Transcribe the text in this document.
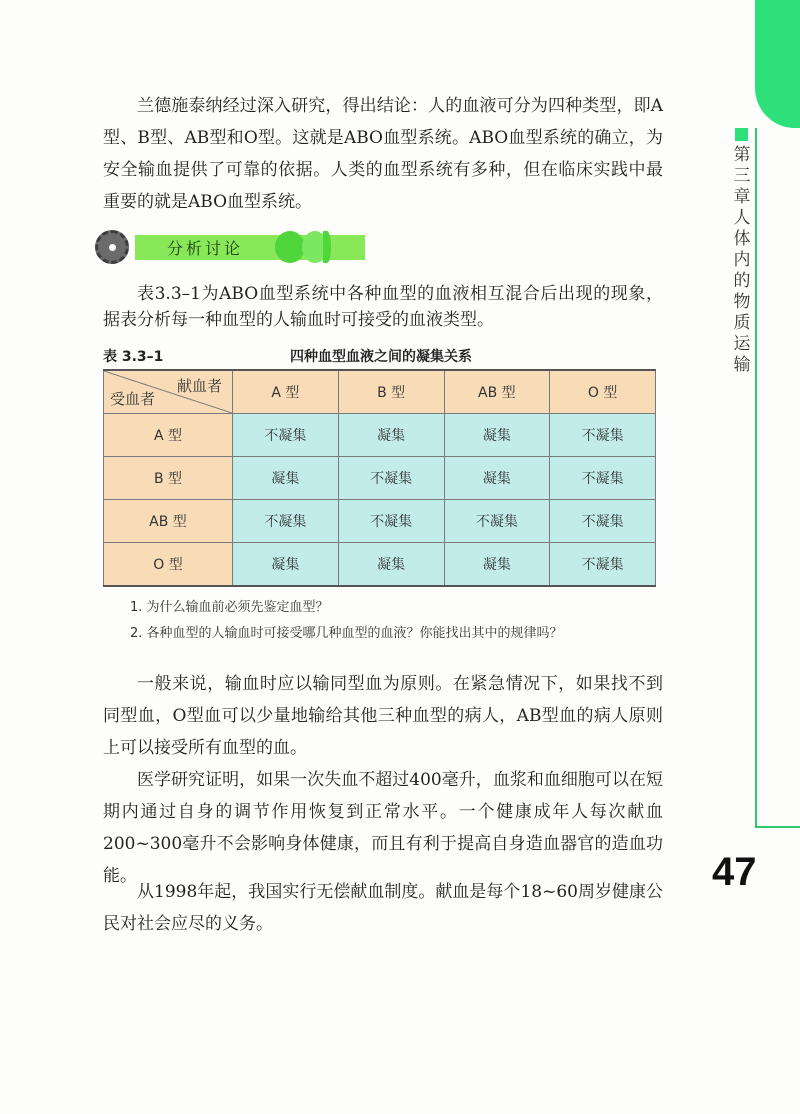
第三章 人体内的物质运输
47

兰德施泰纳经过深入研究，得出结论：人的血液可分为四种类型，即A型、B型、AB型和O型。这就是ABO血型系统。ABO血型系统的确立，为安全输血提供了可靠的依据。人类的血型系统有多种，但在临床实践中最重要的就是ABO血型系统。

分析讨论

表3.3–1为ABO血型系统中各种血型的血液相互混合后出现的现象，据表分析每一种血型的人输血时可接受的血液类型。

表 3.3–1	四种血型血液之间的凝集关系
献血者
受血者	A 型	B 型	AB 型	O 型
A 型	不凝集	凝集	凝集	不凝集
B 型	凝集	不凝集	凝集	不凝集
AB 型	不凝集	不凝集	不凝集	不凝集
O 型	凝集	凝集	凝集	不凝集
1. 为什么输血前必须先鉴定血型？
2. 各种血型的人输血时可接受哪几种血型的血液？你能找出其中的规律吗？

一般来说，输血时应以输同型血为原则。在紧急情况下，如果找不到同型血，O型血可以少量地输给其他三种血型的病人，AB型血的病人原则上可以接受所有血型的血。

医学研究证明，如果一次失血不超过400毫升，血浆和血细胞可以在短期内通过自身的调节作用恢复到正常水平。一个健康成年人每次献血200~300毫升不会影响身体健康，而且有利于提高自身造血器官的造血功能。

从1998年起，我国实行无偿献血制度。献血是每个18~60周岁健康公民对社会应尽的义务。
